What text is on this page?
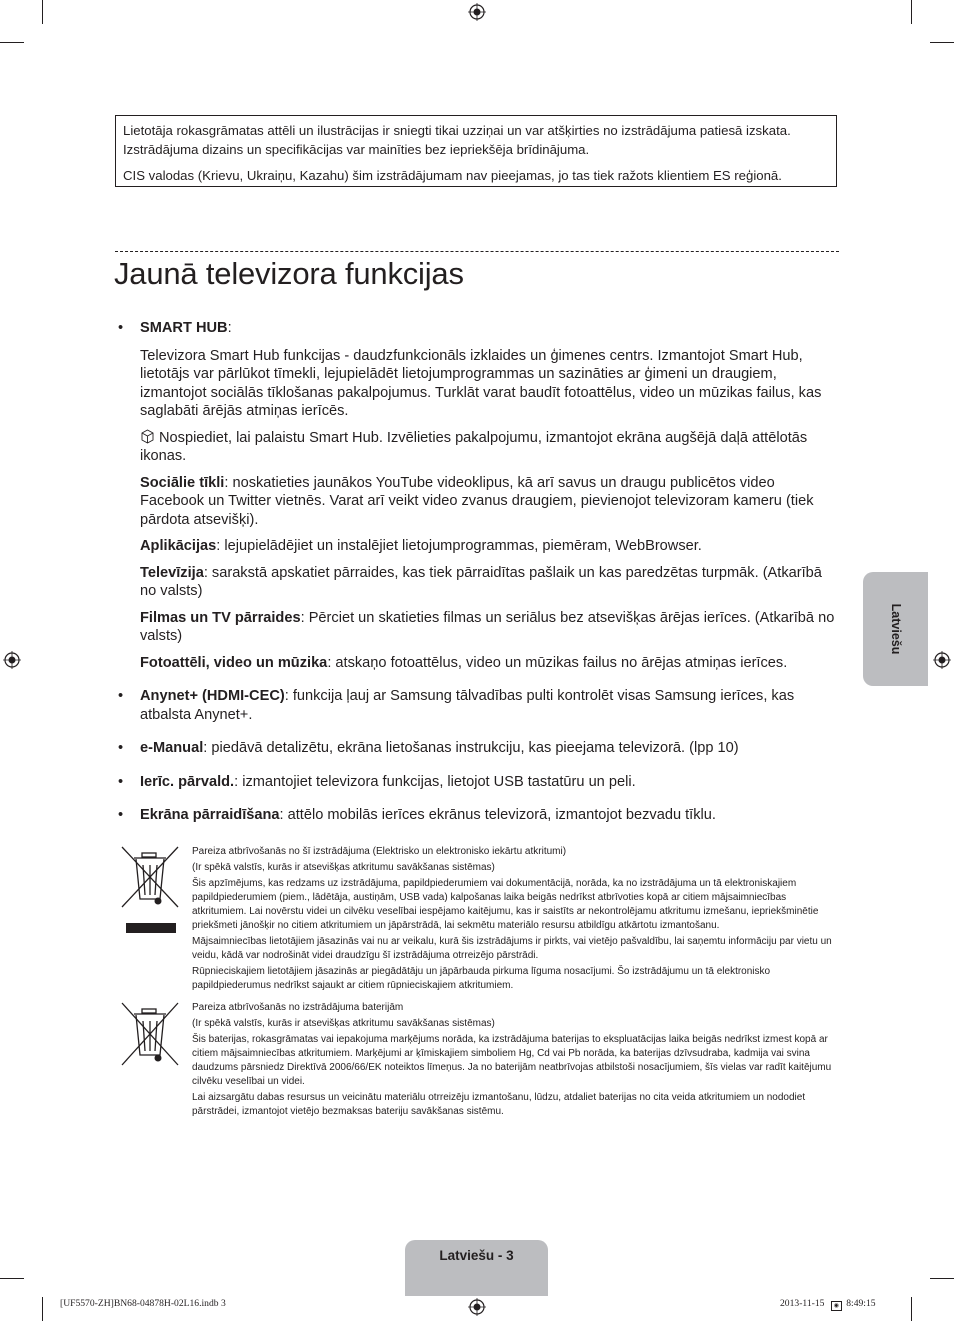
Lietotāja rokasgrāmatas attēli un ilustrācijas ir sniegti tikai uzziņai un var atšķirties no izstrādājuma patiesā izskata.

Izstrādājuma dizains un specifikācijas var mainīties bez iepriekšēja brīdinājuma.

CIS valodas (Krievu, Ukraiņu, Kazahu) šim izstrādājumam nav pieejamas, jo tas tiek ražots klientiem ES reģionā.

Jaunā televizora funkcijas
• SMART HUB:

Televizora Smart Hub funkcijas - daudzfunkcionāls izklaides un ģimenes centrs. Izmantojot Smart Hub, lietotājs var pārlūkot tīmekli, lejupielādēt lietojumprogrammas un sazināties ar ģimeni un draugiem, izmantojot sociālās tīklošanas pakalpojumus. Turklāt varat baudīt fotoattēlus, video un mūzikas failus, kas saglabāti ārējās atmiņas ierīcēs.

Nospiediet, lai palaistu Smart Hub. Izvēlieties pakalpojumu, izmantojot ekrāna augšējā daļā attēlotās ikonas.

Sociālie tīkli: noskatieties jaunākos YouTube videoklipus, kā arī savus un draugu publicētos video Facebook un Twitter vietnēs. Varat arī veikt video zvanus draugiem, pievienojot televizoram kameru (tiek pārdota atsevišķi).

Aplikācijas: lejupielādējiet un instalējiet lietojumprogrammas, piemēram, WebBrowser.

Televīzija: sarakstā apskatiet pārraides, kas tiek pārraidītas pašlaik un kas paredzētas turpmāk. (Atkarībā no valsts)

Filmas un TV pārraides: Pērciet un skatieties filmas un seriālus bez atsevišķas ārējas ierīces. (Atkarībā no valsts)

Fotoattēli, video un mūzika: atskaņo fotoattēlus, video un mūzikas failus no ārējas atmiņas ierīces.

• Anynet+ (HDMI-CEC): funkcija ļauj ar Samsung tālvadības pulti kontrolēt visas Samsung ierīces, kas atbalsta Anynet+.
• e-Manual: piedāvā detalizētu, ekrāna lietošanas instrukciju, kas pieejama televizorā. (lpp 10)
• Ierīc. pārvald.: izmantojiet televizora funkcijas, lietojot USB tastatūru un peli.
• Ekrāna pārraidīšana: attēlo mobilās ierīces ekrānus televizorā, izmantojot bezvadu tīklu.
Latviešu

Pareiza atbrīvošanās no šī izstrādājuma (Elektrisko un elektronisko iekārtu atkritumi)

(Ir spēkā valstīs, kurās ir atsevišķas atkritumu savākšanas sistēmas)

Šis apzīmējums, kas redzams uz izstrādājuma, papildpiederumiem vai dokumentācijā, norāda, ka no izstrādājuma un tā elektroniskajiem papildpiederumiem (piem., lādētāja, austiņām, USB vada) kalpošanas laika beigās nedrīkst atbrīvoties kopā ar citiem mājsaimniecības atkritumiem. Lai novērstu videi un cilvēku veselībai iespējamo kaitējumu, kas ir saistīts ar nekontrolējamu atkritumu izmešanu, iepriekšminētie priekšmeti jānošķir no citiem atkritumiem un jāpārstrādā, lai sekmētu materiālo resursu atbildīgu atkārtotu izmantošanu.

Mājsaimniecības lietotājiem jāsazinās vai nu ar veikalu, kurā šis izstrādājums ir pirkts, vai vietējo pašvaldību, lai saņemtu informāciju par vietu un veidu, kādā var nodrošināt videi draudzīgu šī izstrādājuma otrreizējo pārstrādi.

Rūpnieciskajiem lietotājiem jāsazinās ar piegādātāju un jāpārbauda pirkuma līguma nosacījumi. Šo izstrādājumu un tā elektronisko papildpiederumus nedrīkst sajaukt ar citiem rūpnieciskajiem atkritumiem.

Pareiza atbrīvošanās no izstrādājuma baterijām

(Ir spēkā valstīs, kurās ir atsevišķas atkritumu savākšanas sistēmas)

Šis baterijas, rokasgrāmatas vai iepakojuma marķējums norāda, ka izstrādājuma baterijas to ekspluatācijas laika beigās nedrīkst izmest kopā ar citiem mājsaimniecības atkritumiem. Marķējumi ar ķīmiskajiem simboliem Hg, Cd vai Pb norāda, ka baterijas dzīvsudraba, kadmija vai svina daudzums pārsniedz Direktīvā 2006/66/EK noteiktos līmeņus. Ja no baterijām neatbrīvojas atbilstoši nosacījumiem, šīs vielas var radīt kaitējumu cilvēku veselībai un videi.

Lai aizsargātu dabas resursus un veicinātu materiālu otrreizēju izmantošanu, lūdzu, atdaliet baterijas no cita veida atkritumiem un nododiet pārstrādei, izmantojot vietējo bezmaksas bateriju savākšanas sistēmu.

Latviešu - 3
[UF5570-ZH]BN68-04878H-02L16.indb 3	2013-11-15 ◉ 8:49:15
